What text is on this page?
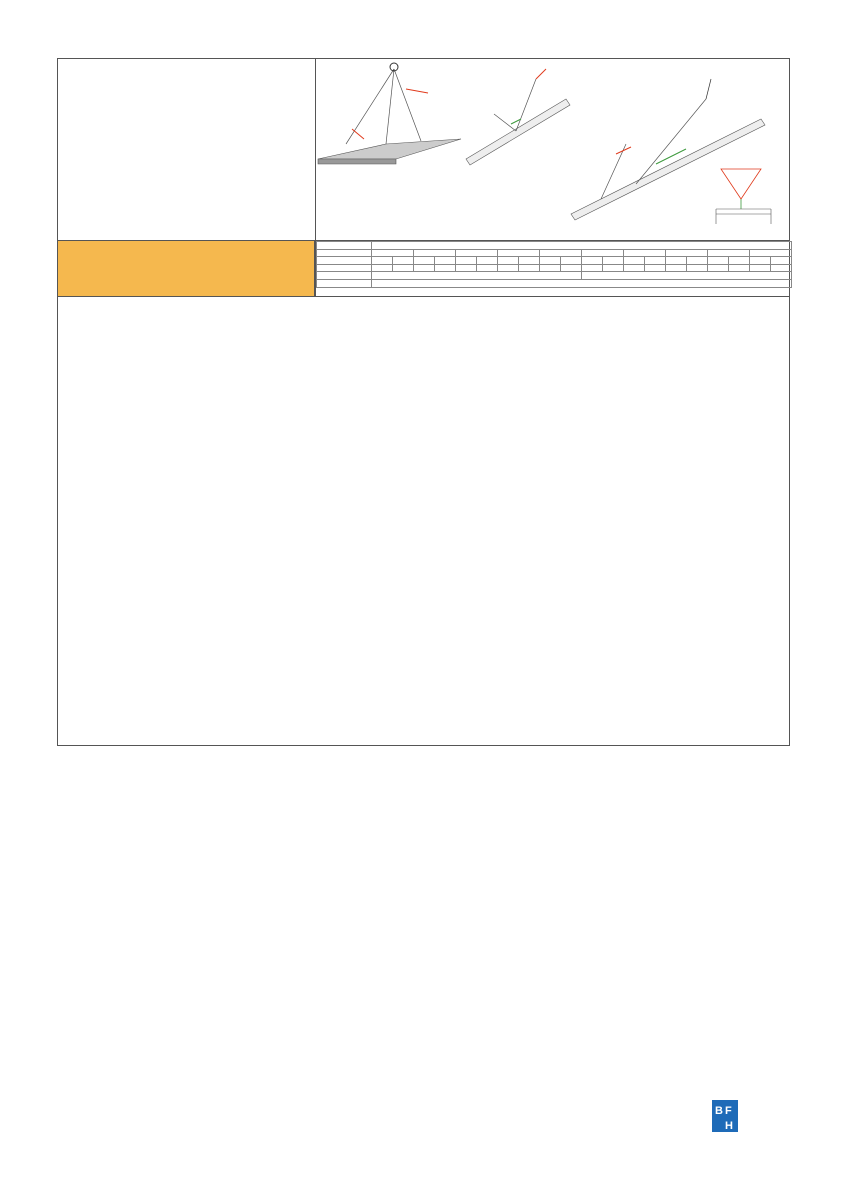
B F
H
